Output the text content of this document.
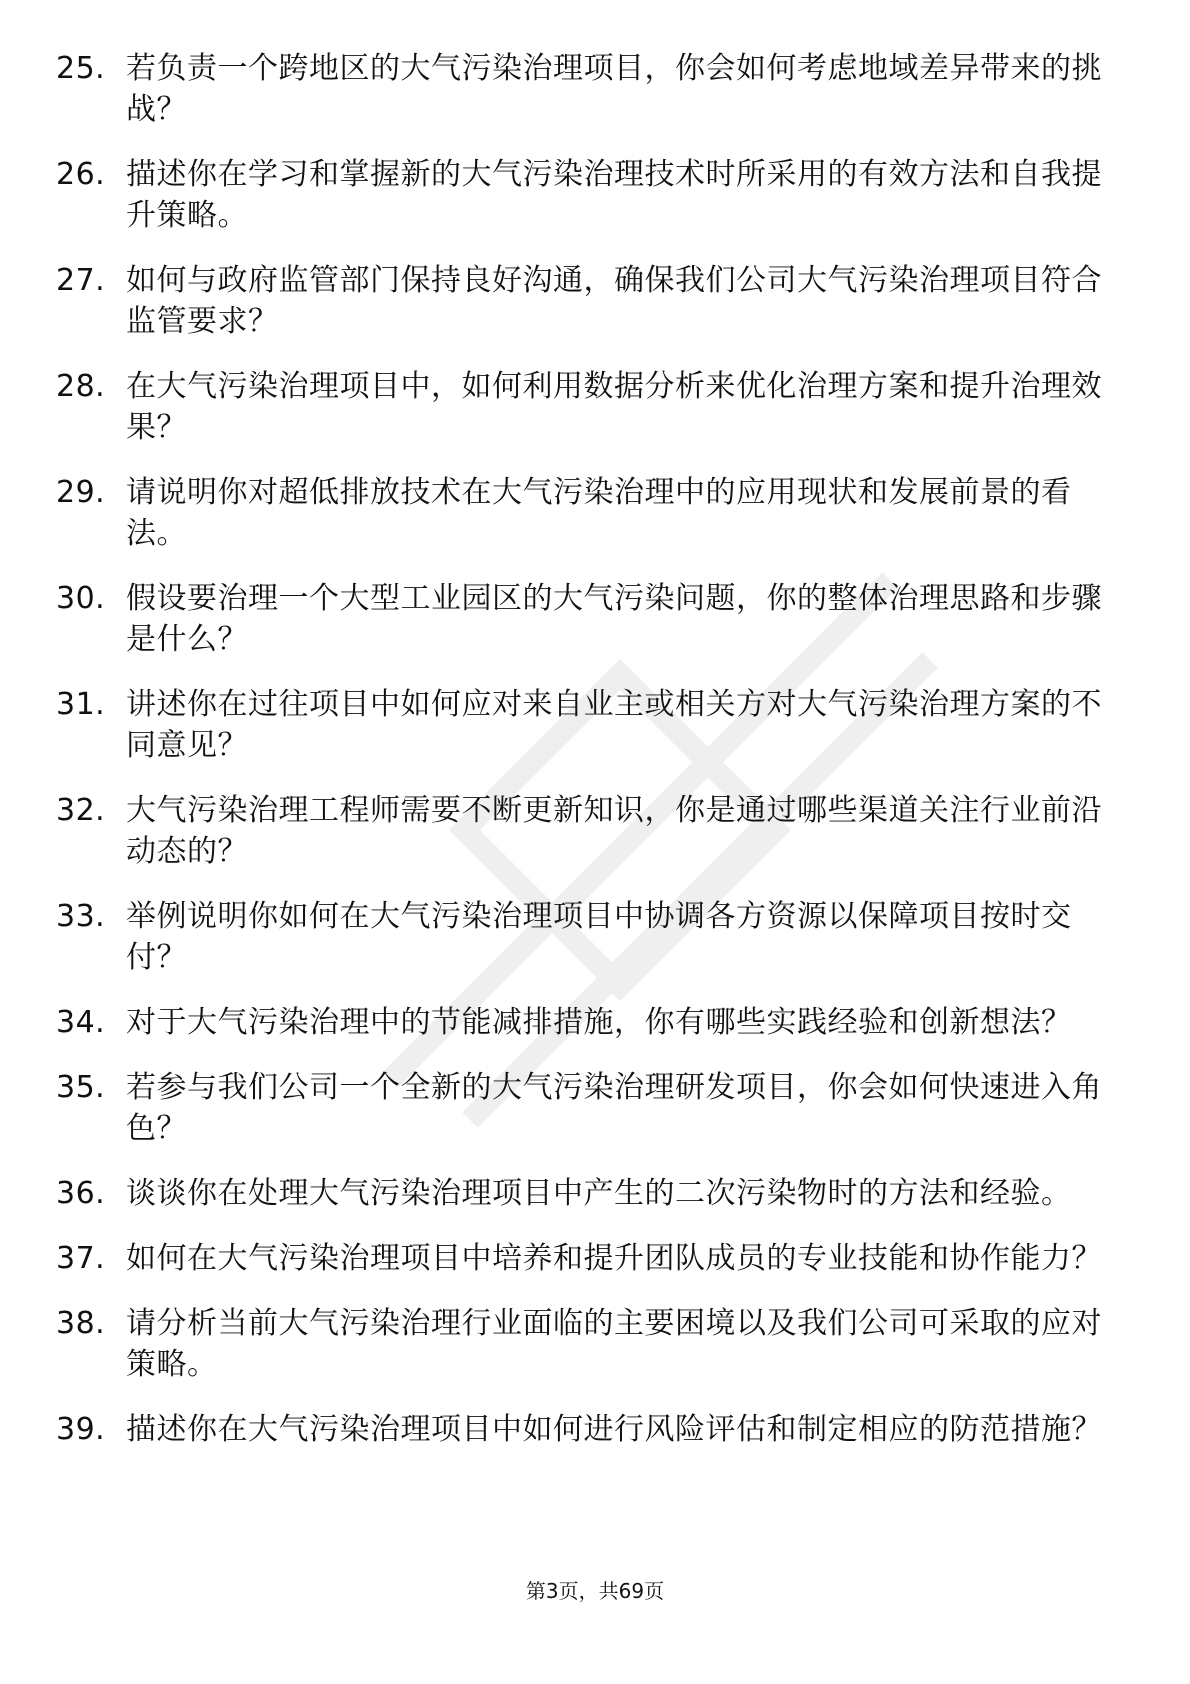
25. 若负责一个跨地区的大气污染治理项目，你会如何考虑地域差异带来的挑战？
26. 描述你在学习和掌握新的大气污染治理技术时所采用的有效方法和自我提升策略。
27. 如何与政府监管部门保持良好沟通，确保我们公司大气污染治理项目符合监管要求？
28. 在大气污染治理项目中，如何利用数据分析来优化治理方案和提升治理效果？
29. 请说明你对超低排放技术在大气污染治理中的应用现状和发展前景的看法。
30. 假设要治理一个大型工业园区的大气污染问题，你的整体治理思路和步骤是什么？
31. 讲述你在过往项目中如何应对来自业主或相关方对大气污染治理方案的不同意见？
32. 大气污染治理工程师需要不断更新知识，你是通过哪些渠道关注行业前沿动态的？
33. 举例说明你如何在大气污染治理项目中协调各方资源以保障项目按时交付？
34. 对于大气污染治理中的节能减排措施，你有哪些实践经验和创新想法？
35. 若参与我们公司一个全新的大气污染治理研发项目，你会如何快速进入角色？
36. 谈谈你在处理大气污染治理项目中产生的二次污染物时的方法和经验。
37. 如何在大气污染治理项目中培养和提升团队成员的专业技能和协作能力？
38. 请分析当前大气污染治理行业面临的主要困境以及我们公司可采取的应对策略。
39. 描述你在大气污染治理项目中如何进行风险评估和制定相应的防范措施？
第3页，共69页
